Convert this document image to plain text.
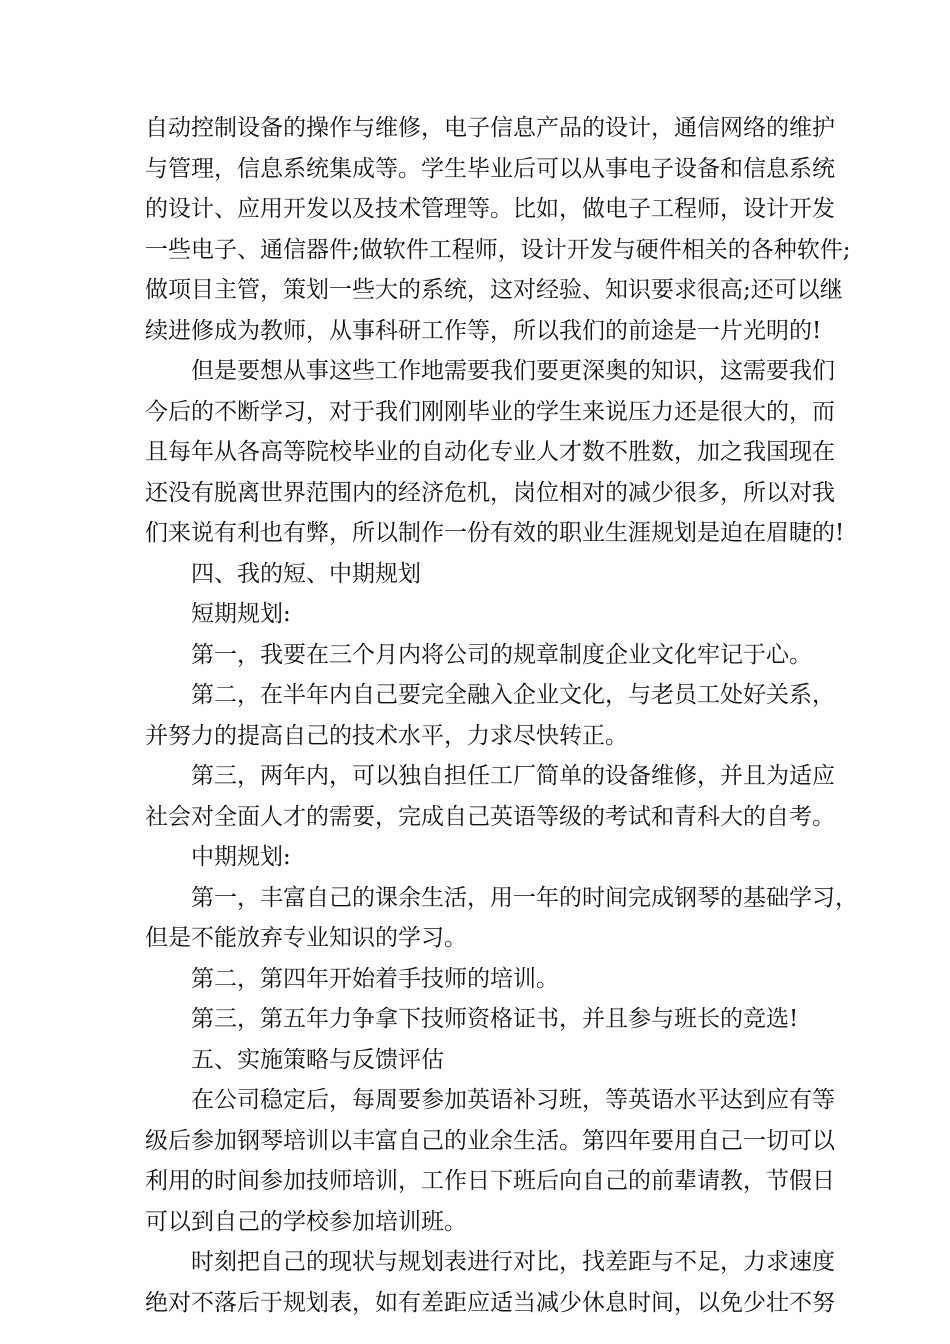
自动控制设备的操作与维修，电子信息产品的设计，通信网络的维护
与管理，信息系统集成等。学生毕业后可以从事电子设备和信息系统
的设计、应用开发以及技术管理等。比如，做电子工程师，设计开发
一些电子、通信器件;做软件工程师，设计开发与硬件相关的各种软件;
做项目主管，策划一些大的系统，这对经验、知识要求很高;还可以继
续进修成为教师，从事科研工作等，所以我们的前途是一片光明的!
但是要想从事这些工作地需要我们要更深奥的知识，这需要我们
今后的不断学习，对于我们刚刚毕业的学生来说压力还是很大的，而
且每年从各高等院校毕业的自动化专业人才数不胜数，加之我国现在
还没有脱离世界范围内的经济危机，岗位相对的减少很多，所以对我
们来说有利也有弊，所以制作一份有效的职业生涯规划是迫在眉睫的!
四、我的短、中期规划
短期规划:
第一，我要在三个月内将公司的规章制度企业文化牢记于心。
第二，在半年内自己要完全融入企业文化，与老员工处好关系，
并努力的提高自己的技术水平，力求尽快转正。
第三，两年内，可以独自担任工厂简单的设备维修，并且为适应
社会对全面人才的需要，完成自己英语等级的考试和青科大的自考。
中期规划:
第一，丰富自己的课余生活，用一年的时间完成钢琴的基础学习，
但是不能放弃专业知识的学习。
第二，第四年开始着手技师的培训。
第三，第五年力争拿下技师资格证书，并且参与班长的竞选!
五、实施策略与反馈评估
在公司稳定后，每周要参加英语补习班，等英语水平达到应有等
级后参加钢琴培训以丰富自己的业余生活。第四年要用自己一切可以
利用的时间参加技师培训，工作日下班后向自己的前辈请教，节假日
可以到自己的学校参加培训班。
时刻把自己的现状与规划表进行对比，找差距与不足，力求速度
绝对不落后于规划表，如有差距应适当减少休息时间，以免少壮不努
